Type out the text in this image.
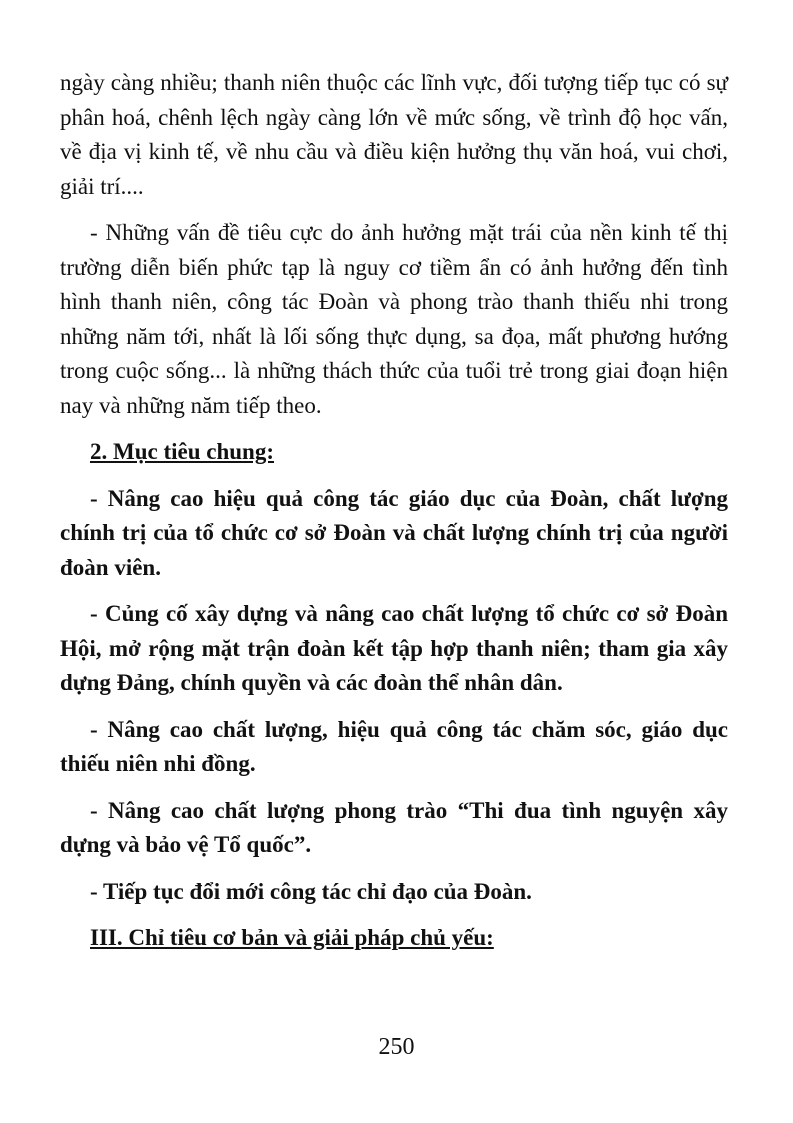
ngày càng nhiều; thanh niên thuộc các lĩnh vực, đối tượng tiếp tục có sự phân hoá, chênh lệch ngày càng lớn về mức sống, về trình độ học vấn, về địa vị kinh tế, về nhu cầu và điều kiện hưởng thụ văn hoá, vui chơi, giải trí....

- Những vấn đề tiêu cực do ảnh hưởng mặt trái của nền kinh tế thị trường diễn biến phức tạp là nguy cơ tiềm ẩn có ảnh hưởng đến tình hình thanh niên, công tác Đoàn và phong trào thanh thiếu nhi trong những năm tới, nhất là lối sống thực dụng, sa đọa, mất phương hướng trong cuộc sống... là những thách thức của tuổi trẻ trong giai đoạn hiện nay và những năm tiếp theo.

2. Mục tiêu chung:

- Nâng cao hiệu quả công tác giáo dục của Đoàn, chất lượng chính trị của tổ chức cơ sở Đoàn và chất lượng chính trị của người đoàn viên.

- Củng cố xây dựng và nâng cao chất lượng tổ chức cơ sở Đoàn Hội, mở rộng mặt trận đoàn kết tập hợp thanh niên; tham gia xây dựng Đảng, chính quyền và các đoàn thể nhân dân.

- Nâng cao chất lượng, hiệu quả công tác chăm sóc, giáo dục thiếu niên nhi đồng.

- Nâng cao chất lượng phong trào “Thi đua tình nguyện xây dựng và bảo vệ Tổ quốc”.

- Tiếp tục đổi mới công tác chỉ đạo của Đoàn.

III. Chỉ tiêu cơ bản và giải pháp chủ yếu:
250
